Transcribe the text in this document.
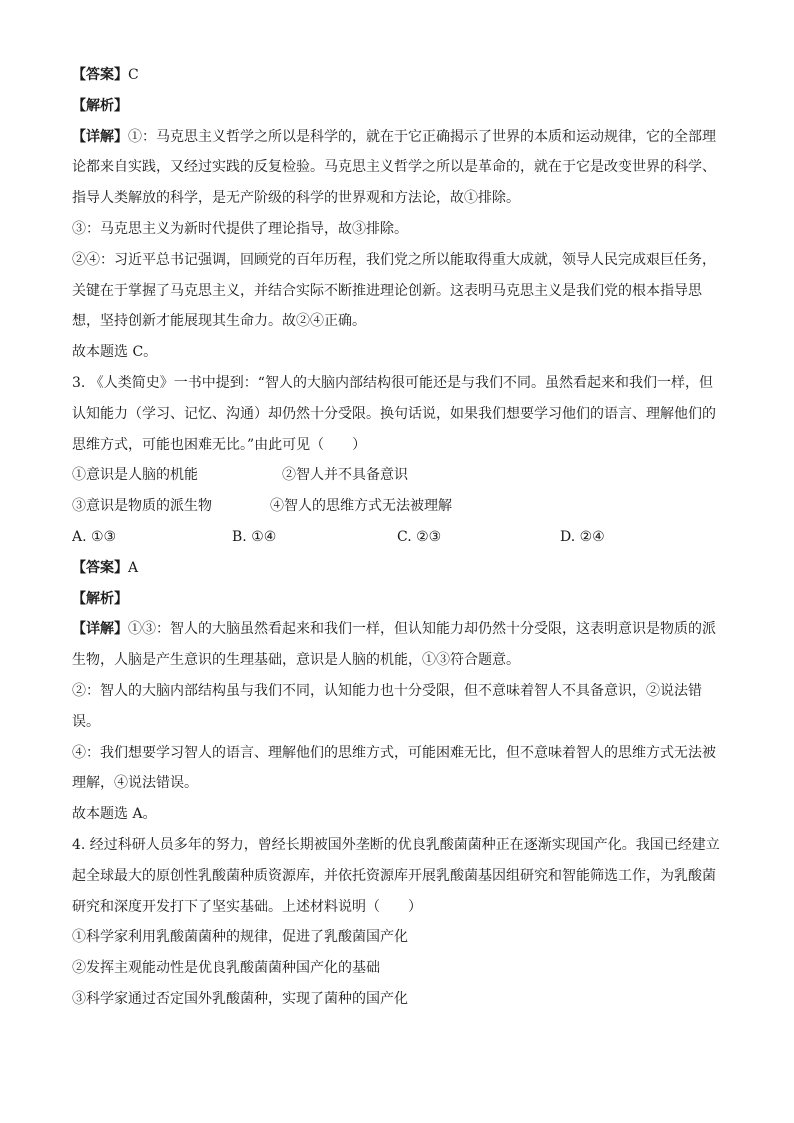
【答案】C
【解析】
【详解】①：马克思主义哲学之所以是科学的，就在于它正确揭示了世界的本质和运动规律，它的全部理
论都来自实践，又经过实践的反复检验。马克思主义哲学之所以是革命的，就在于它是改变世界的科学、
指导人类解放的科学，是无产阶级的科学的世界观和方法论，故①排除。
③：马克思主义为新时代提供了理论指导，故③排除。
②④：习近平总书记强调，回顾党的百年历程，我们党之所以能取得重大成就，领导人民完成艰巨任务，
关键在于掌握了马克思主义，并结合实际不断推进理论创新。这表明马克思主义是我们党的根本指导思
想，坚持创新才能展现其生命力。故②④正确。
故本题选 C。
3. 《人类简史》一书中提到：“智人的大脑内部结构很可能还是与我们不同。虽然看起来和我们一样，但
认知能力（学习、记忆、沟通）却仍然十分受限。换句话说，如果我们想要学习他们的语言、理解他们的
思维方式，可能也困难无比。”由此可见（　　）
①意识是人脑的机能	②智人并不具备意识
③意识是物质的派生物	④智人的思维方式无法被理解
A. ①③	B. ①④	C. ②③	D. ②④
【答案】A
【解析】
【详解】①③：智人的大脑虽然看起来和我们一样，但认知能力却仍然十分受限，这表明意识是物质的派
生物，人脑是产生意识的生理基础，意识是人脑的机能，①③符合题意。
②：智人的大脑内部结构虽与我们不同，认知能力也十分受限，但不意味着智人不具备意识，②说法错
误。
④：我们想要学习智人的语言、理解他们的思维方式，可能困难无比，但不意味着智人的思维方式无法被
理解，④说法错误。
故本题选 A。
4. 经过科研人员多年的努力，曾经长期被国外垄断的优良乳酸菌菌种正在逐渐实现国产化。我国已经建立
起全球最大的原创性乳酸菌种质资源库，并依托资源库开展乳酸菌基因组研究和智能筛选工作，为乳酸菌
研究和深度开发打下了坚实基础。上述材料说明（　　）
①科学家利用乳酸菌菌种的规律，促进了乳酸菌国产化
②发挥主观能动性是优良乳酸菌菌种国产化的基础
③科学家通过否定国外乳酸菌种，实现了菌种的国产化
